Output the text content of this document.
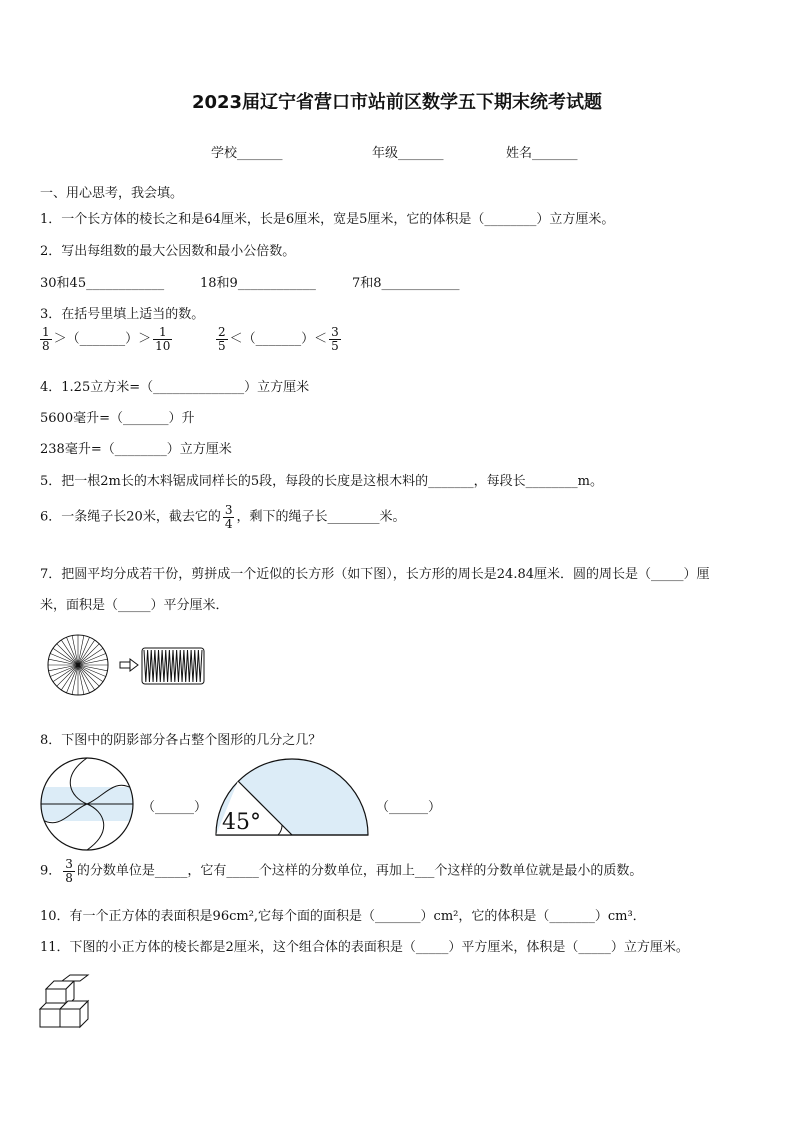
2023届辽宁省营口市站前区数学五下期末统考试题
学校_______	年级_______	姓名_______
一、用心思考，我会填。
1．一个长方体的棱长之和是64厘米，长是6厘米，宽是5厘米，它的体积是（________）立方厘米。
2．写出每组数的最大公因数和最小公倍数。
30和45____________	18和9____________	7和8____________
3．在括号里填上适当的数。
$\frac{1}{8}$ ＞（_______）＞ $\frac{1}{10}$	$\frac{2}{5}$ ＜（_______）＜ $\frac{3}{5}$
4．1.25立方米=（______________）立方厘米
5600毫升=（_______）升
238毫升=（________）立方厘米
5．把一根2m长的木料锯成同样长的5段，每段的长度是这根木料的_______，每段长________m。
6．一条绳子长20米，截去它的 $\frac{3}{4}$ ，剩下的绳子长________米。
7．把圆平均分成若干份，剪拼成一个近似的长方形（如下图），长方形的周长是24.84厘米．圆的周长是（_____）厘
米，面积是（_____）平分厘米．
8．下图中的阴影部分各占整个图形的几分之几？
（______）
45°
（______）
9． $\frac{3}{8}$ 的分数单位是_____，它有_____个这样的分数单位，再加上___个这样的分数单位就是最小的质数。
10．有一个正方体的表面积是96cm²,它每个面的面积是（_______）cm²，它的体积是（_______）cm³．
11．下图的小正方体的棱长都是2厘米，这个组合体的表面积是（_____）平方厘米，体积是（_____）立方厘米。
